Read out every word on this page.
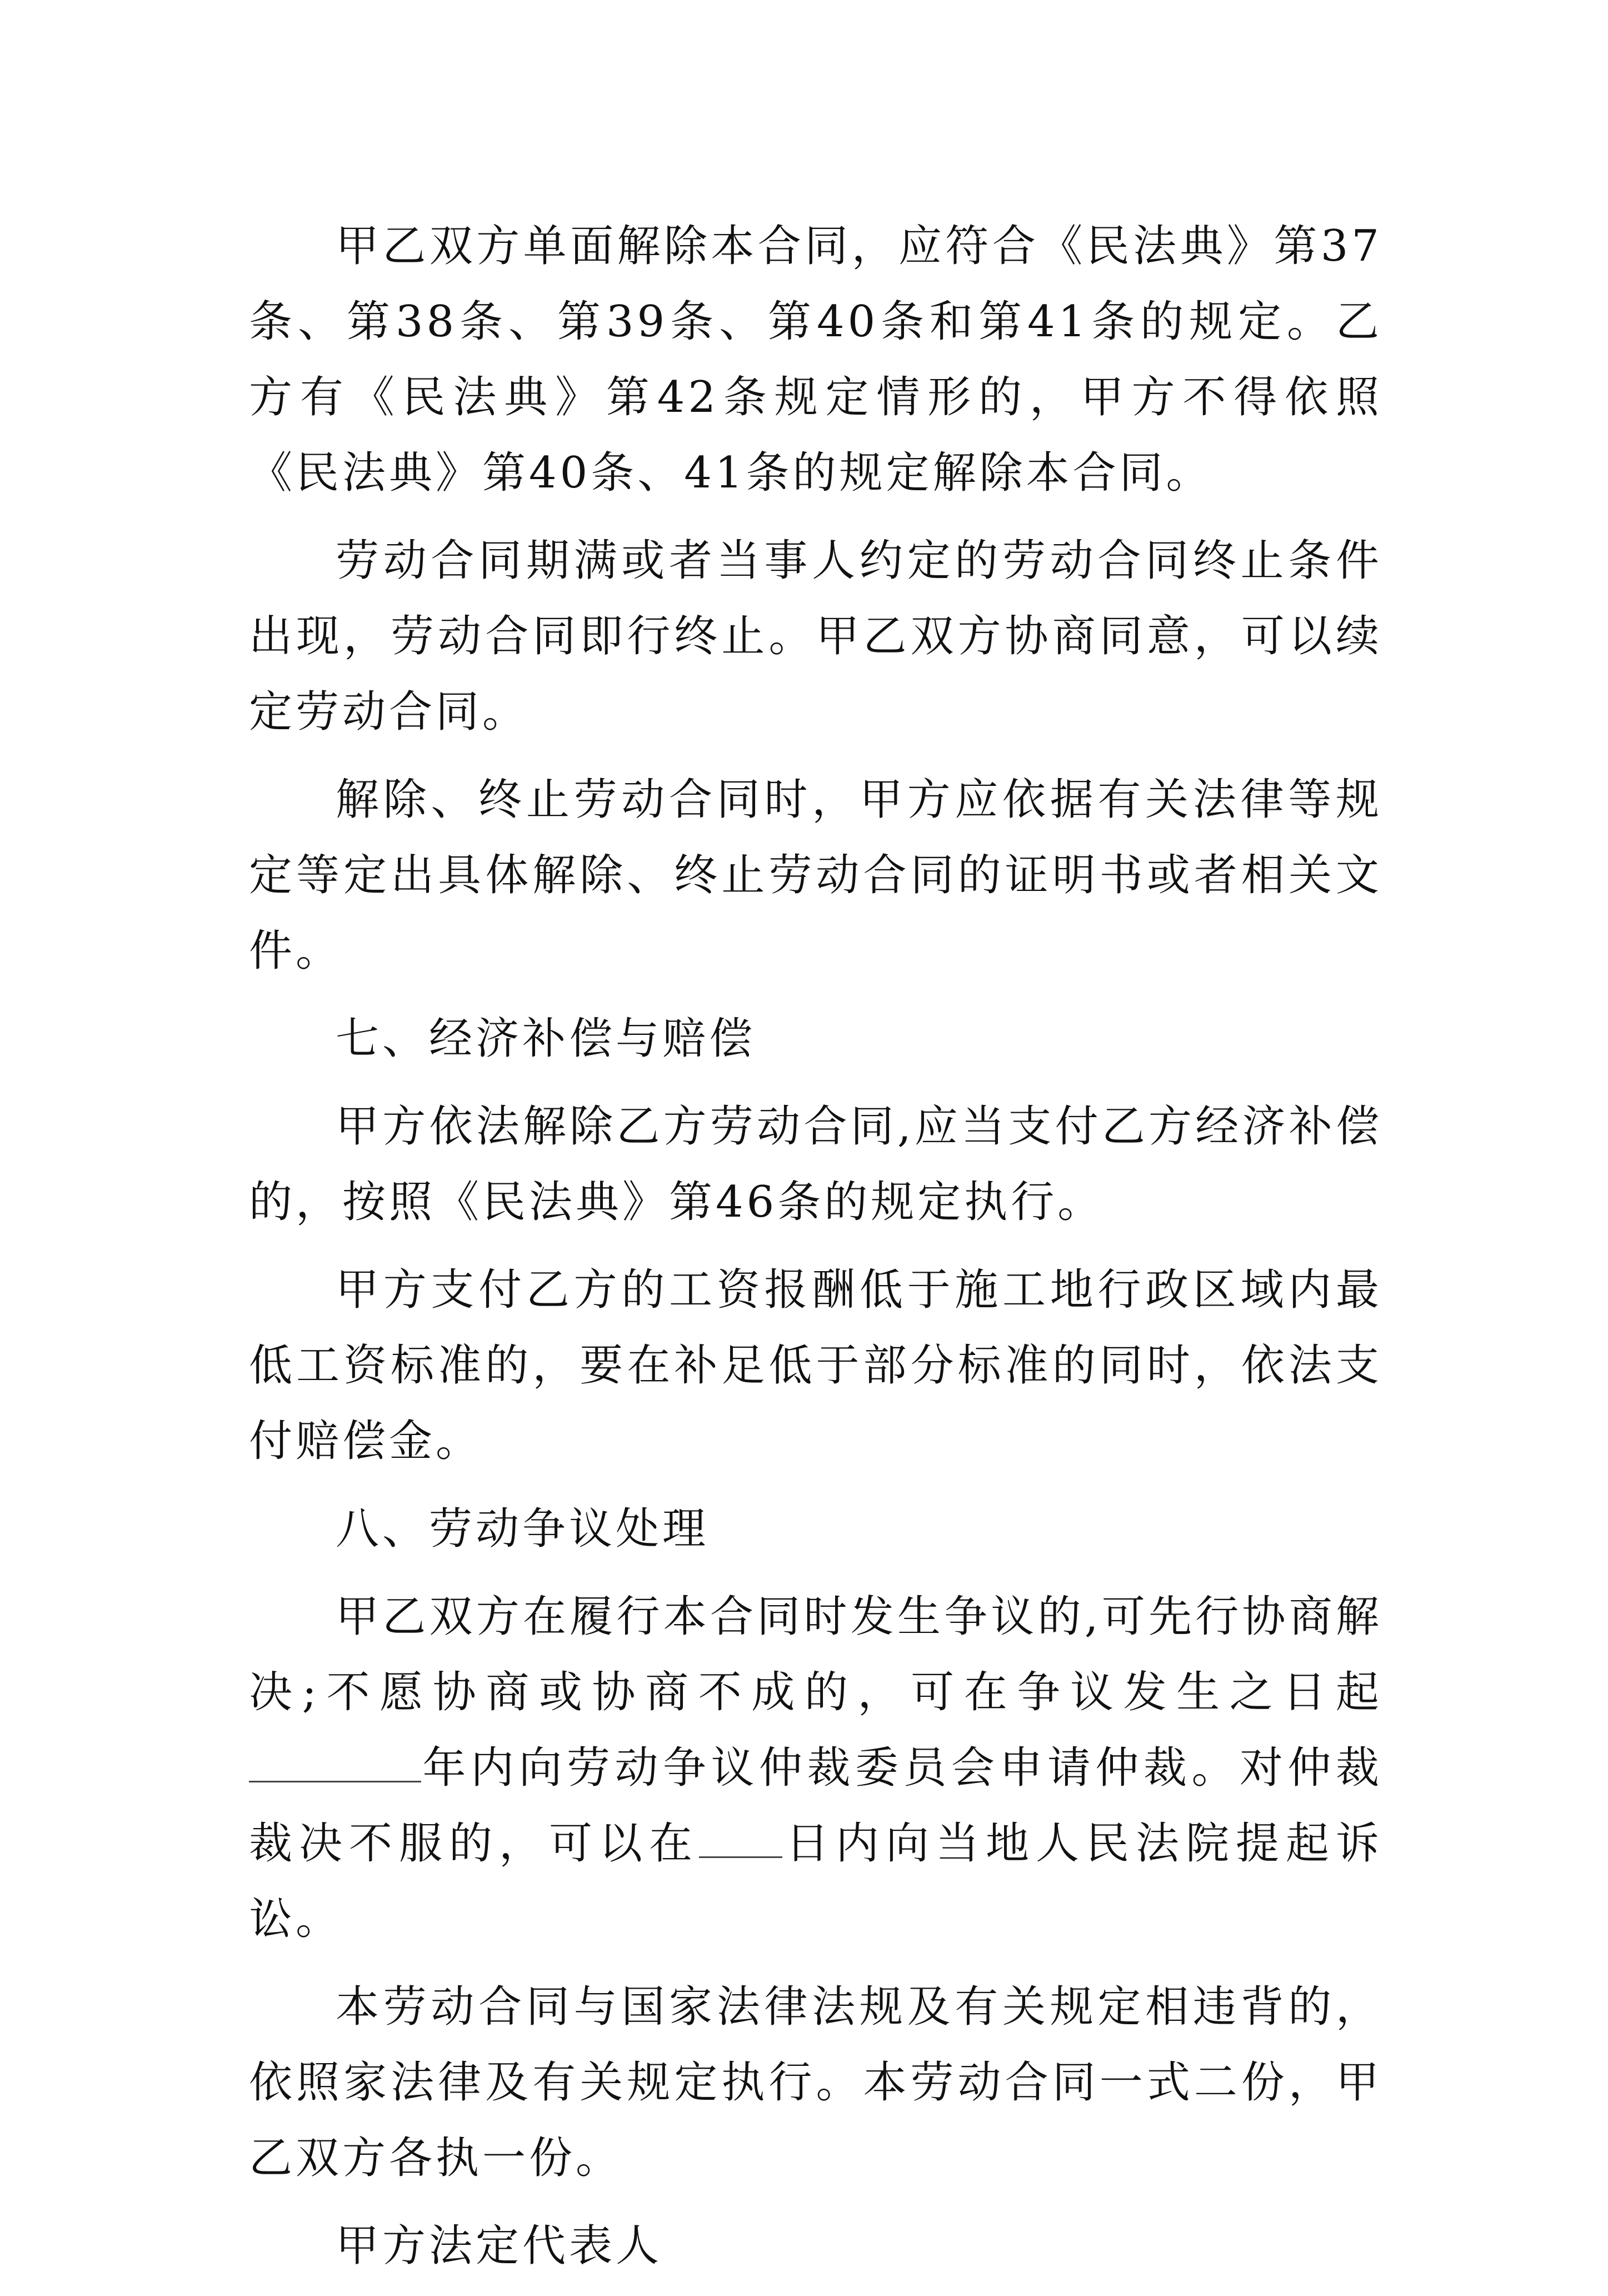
甲乙双方单面解除本合同，应符合《民法典》第37条、第38条、第39条、第40条和第41条的规定。乙方有《民法典》第42条规定情形的，甲方不得依照《民法典》第40条、41条的规定解除本合同。

劳动合同期满或者当事人约定的劳动合同终止条件出现，劳动合同即行终止。甲乙双方协商同意，可以续定劳动合同。

解除、终止劳动合同时，甲方应依据有关法律等规定等定出具体解除、终止劳动合同的证明书或者相关文件。

七、经济补偿与赔偿

甲方依法解除乙方劳动合同,应当支付乙方经济补偿的，按照《民法典》第46条的规定执行。

甲方支付乙方的工资报酬低于施工地行政区域内最低工资标准的，要在补足低于部分标准的同时，依法支付赔偿金。

八、劳动争议处理

甲乙双方在履行本合同时发生争议的,可先行协商解决;不愿协商或协商不成的，可在争议发生之日起年内向劳动争议仲裁委员会申请仲裁。对仲裁裁决不服的，可以在 日内向当地人民法院提起诉讼。

本劳动合同与国家法律法规及有关规定相违背的，依照家法律及有关规定执行。本劳动合同一式二份，甲乙双方各执一份。

甲方法定代表人
